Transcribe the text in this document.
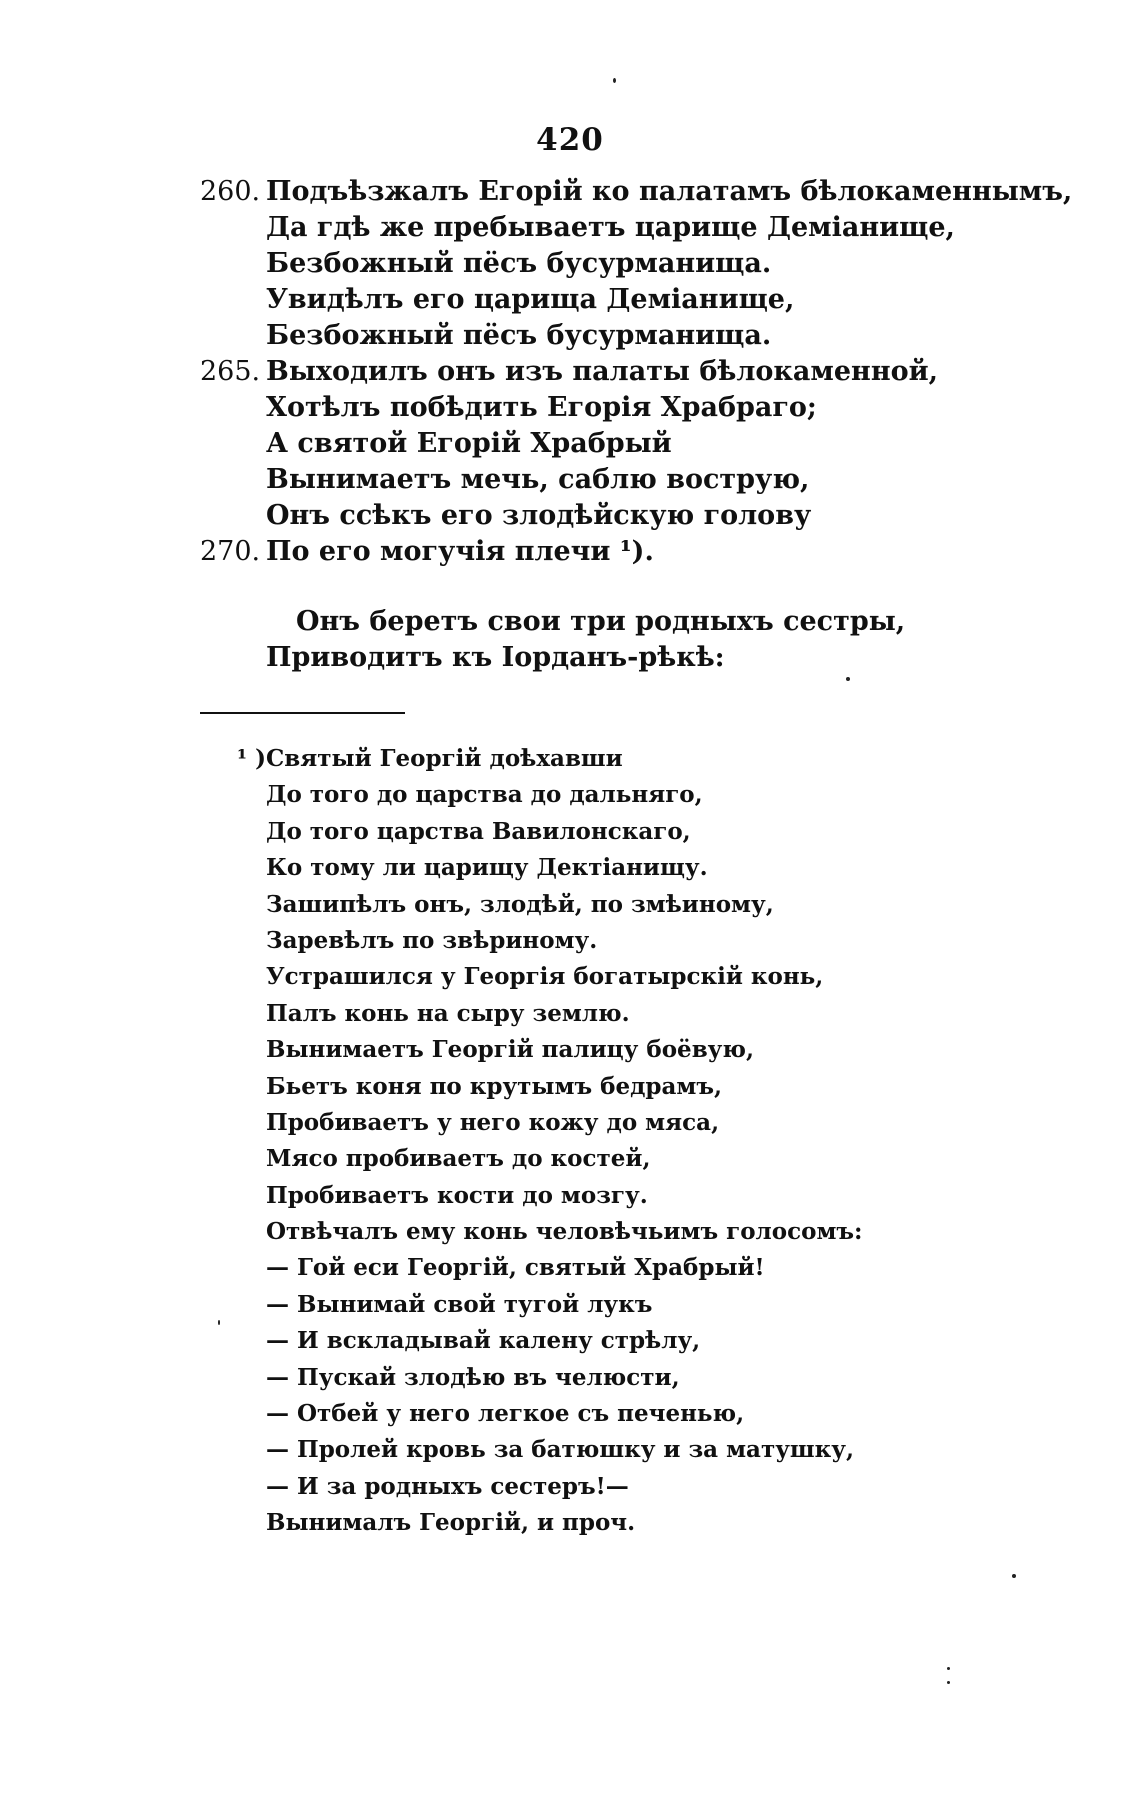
420
260. Подъѣзжалъ Егорій ко палатамъ бѣлокаменнымъ,
Да гдѣ же пребываетъ царище Деміанище,
Безбожный пёсъ бусурманища.
Увидѣлъ его царища Деміанище,
Безбожный пёсъ бусурманища.
265. Выходилъ онъ изъ палаты бѣлокаменной,
Хотѣлъ побѣдить Егорія Храбраго;
А святой Егорій Храбрый
Вынимаетъ мечь, саблю вострую,
Онъ ссѣкъ его злодѣйскую голову
270. По его могучія плечи ¹).
Онъ беретъ свои три родныхъ сестры,
Приводитъ къ Іорданъ-рѣкѣ:
¹ ) Святый Георгій доѣхавши
До того до царства до дальняго,
До того царства Вавилонскаго,
Ко тому ли царищу Дектіанищу.
Зашипѣлъ онъ, злодѣй, по змѣиному,
Заревѣлъ по звѣриному.
Устрашился у Георгія богатырскій конь,
Палъ конь на сыру землю.
Вынимаетъ Георгій палицу боёвую,
Бьетъ коня по крутымъ бедрамъ,
Пробиваетъ у него кожу до мяса,
Мясо пробиваетъ до костей,
Пробиваетъ кости до мозгу.
Отвѣчалъ ему конь человѣчьимъ голосомъ:
— Гой еси Георгій, святый Храбрый!
— Вынимай свой тугой лукъ
— И вскладывай калену стрѣлу,
— Пускай злодѣю въ челюсти,
— Отбей у него легкое съ печенью,
— Пролей кровь за батюшку и за матушку,
— И за родныхъ сестеръ!—
Вынималъ Георгій, и проч.
